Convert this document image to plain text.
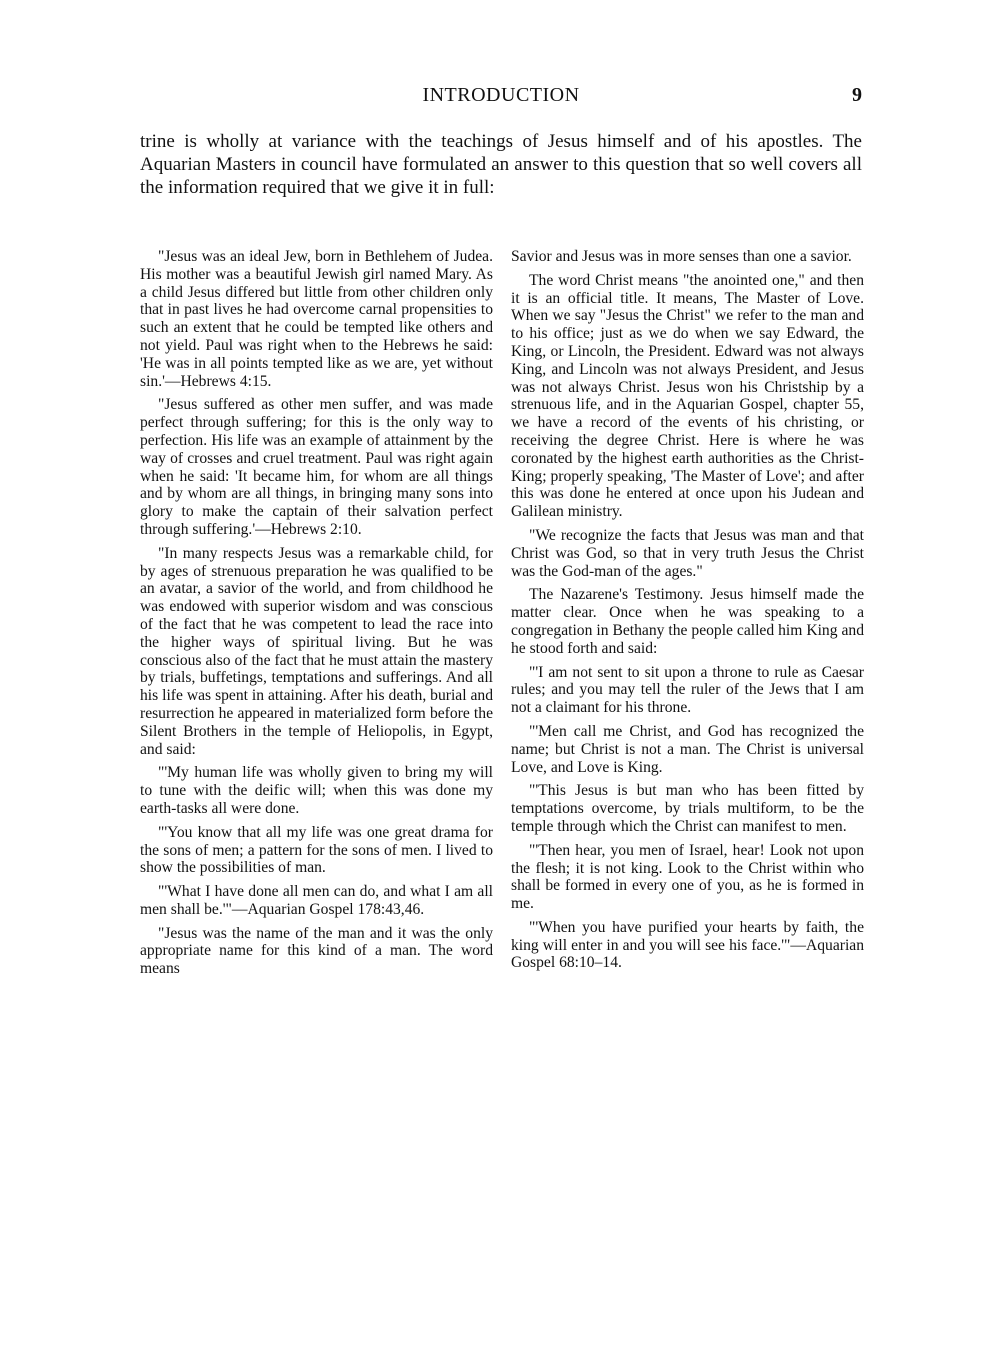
INTRODUCTION	9

trine is wholly at variance with the teachings of Jesus himself and of his apostles. The Aquarian Masters in council have formulated an answer to this question that so well covers all the information required that we give it in full:

"Jesus was an ideal Jew, born in Bethlehem of Judea. His mother was a beautiful Jewish girl named Mary. As a child Jesus differed but little from other children only that in past lives he had overcome carnal propensities to such an extent that he could be tempted like others and not yield. Paul was right when to the Hebrews he said: 'He was in all points tempted like as we are, yet without sin.'—Hebrews 4:15.

"Jesus suffered as other men suffer, and was made perfect through suffering; for this is the only way to perfection. His life was an example of attainment by the way of crosses and cruel treatment. Paul was right again when he said: 'It became him, for whom are all things and by whom are all things, in bringing many sons into glory to make the captain of their salvation perfect through suffering.'—Hebrews 2:10.

"In many respects Jesus was a remarkable child, for by ages of strenuous preparation he was qualified to be an avatar, a savior of the world, and from childhood he was endowed with superior wisdom and was conscious of the fact that he was competent to lead the race into the higher ways of spiritual living. But he was conscious also of the fact that he must attain the mastery by trials, buffetings, temptations and sufferings. And all his life was spent in attaining. After his death, burial and resurrection he appeared in materialized form before the Silent Brothers in the temple of Heliopolis, in Egypt, and said:

"'My human life was wholly given to bring my will to tune with the deific will; when this was done my earth-tasks all were done.

"'You know that all my life was one great drama for the sons of men; a pattern for the sons of men. I lived to show the possibilities of man.

"'What I have done all men can do, and what I am all men shall be.'"—Aquarian Gospel 178:43,46.

"Jesus was the name of the man and it was the only appropriate name for this kind of a man. The word means

Savior and Jesus was in more senses than one a savior.

The word Christ means "the anointed one," and then it is an official title. It means, The Master of Love. When we say "Jesus the Christ" we refer to the man and to his office; just as we do when we say Edward, the King, or Lincoln, the President. Edward was not always King, and Lincoln was not always President, and Jesus was not always Christ. Jesus won his Christship by a strenuous life, and in the Aquarian Gospel, chapter 55, we have a record of the events of his christing, or receiving the degree Christ. Here is where he was coronated by the highest earth authorities as the Christ-King; properly speaking, 'The Master of Love'; and after this was done he entered at once upon his Judean and Galilean ministry.

"We recognize the facts that Jesus was man and that Christ was God, so that in very truth Jesus the Christ was the God-man of the ages."

The Nazarene's Testimony. Jesus himself made the matter clear. Once when he was speaking to a congregation in Bethany the people called him King and he stood forth and said:

"'I am not sent to sit upon a throne to rule as Caesar rules; and you may tell the ruler of the Jews that I am not a claimant for his throne.

"'Men call me Christ, and God has recognized the name; but Christ is not a man. The Christ is universal Love, and Love is King.

"'This Jesus is but man who has been fitted by temptations overcome, by trials multiform, to be the temple through which the Christ can manifest to men.

"'Then hear, you men of Israel, hear! Look not upon the flesh; it is not king. Look to the Christ within who shall be formed in every one of you, as he is formed in me.

"'When you have purified your hearts by faith, the king will enter in and you will see his face.'"—Aquarian Gospel 68:10–14.
